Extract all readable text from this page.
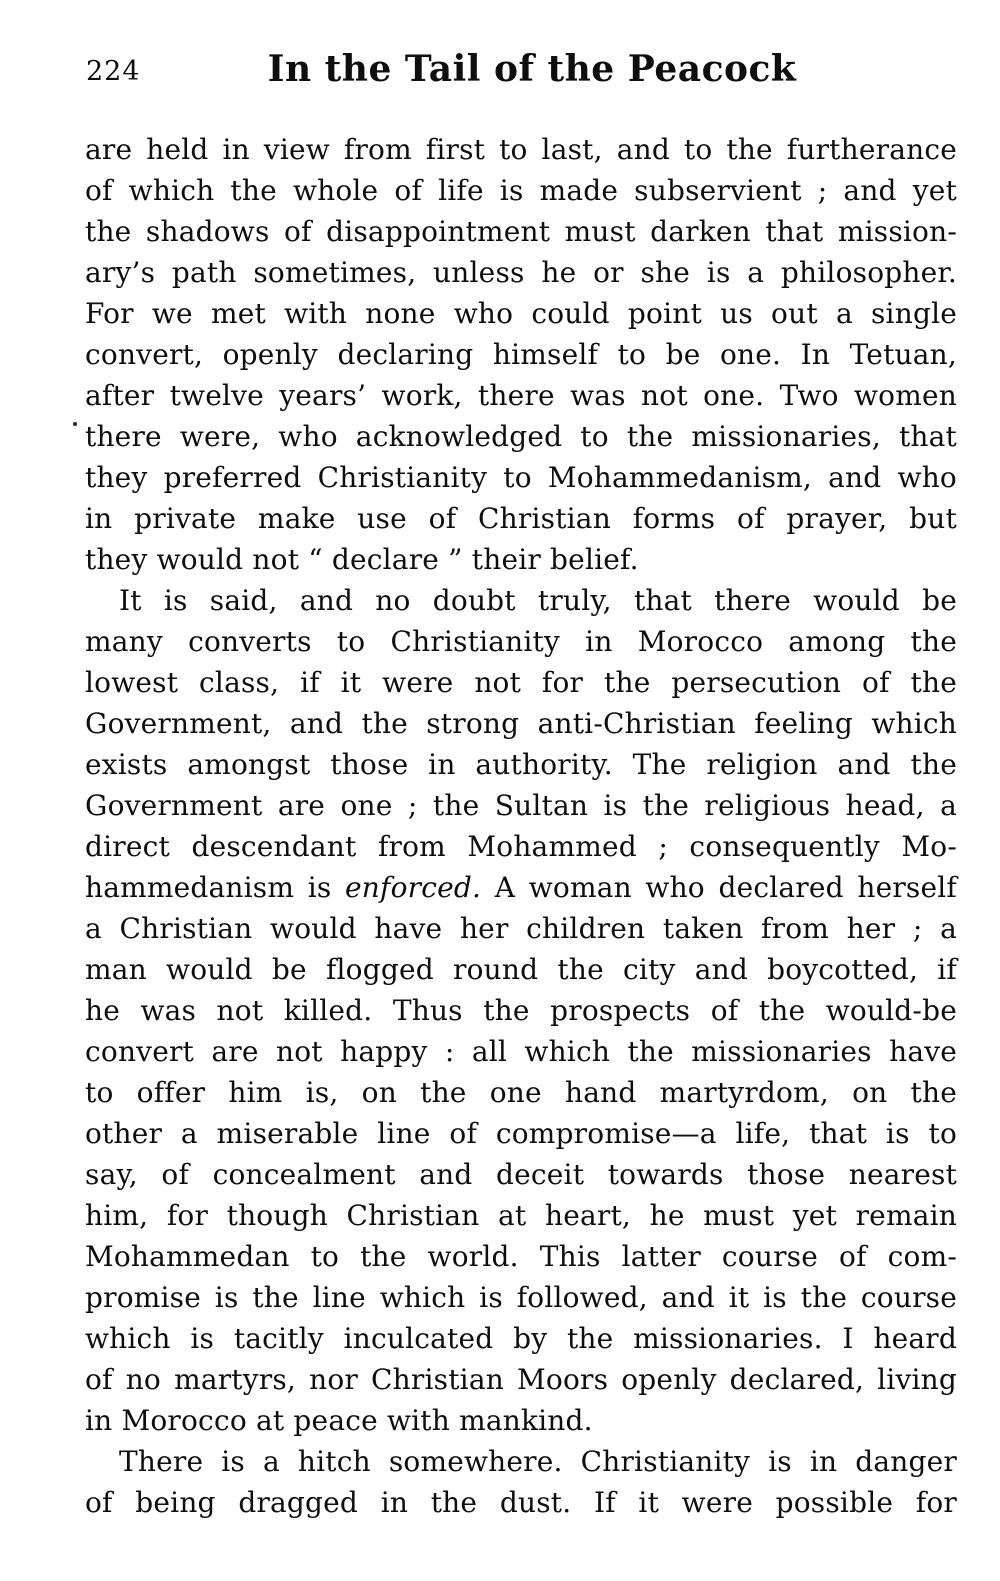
224	In the Tail of the Peacock
are held in view from first to last, and to the furtherance
of which the whole of life is made subservient ; and yet
the shadows of disappointment must darken that mission-
ary’s path sometimes, unless he or she is a philosopher.
For we met with none who could point us out a single
convert, openly declaring himself to be one. In Tetuan,
after twelve years’ work, there was not one. Two women
there were, who acknowledged to the missionaries, that
they preferred Christianity to Mohammedanism, and who
in private make use of Christian forms of prayer, but
they would not “ declare ” their belief.
It is said, and no doubt truly, that there would be
many converts to Christianity in Morocco among the
lowest class, if it were not for the persecution of the
Government, and the strong anti-Christian feeling which
exists amongst those in authority. The religion and the
Government are one ; the Sultan is the religious head, a
direct descendant from Mohammed ; consequently Mo-
hammedanism is enforced. A woman who declared herself
a Christian would have her children taken from her ; a
man would be flogged round the city and boycotted, if
he was not killed. Thus the prospects of the would-be
convert are not happy : all which the missionaries have
to offer him is, on the one hand martyrdom, on the
other a miserable line of compromise—a life, that is to
say, of concealment and deceit towards those nearest
him, for though Christian at heart, he must yet remain
Mohammedan to the world. This latter course of com-
promise is the line which is followed, and it is the course
which is tacitly inculcated by the missionaries. I heard
of no martyrs, nor Christian Moors openly declared, living
in Morocco at peace with mankind.
There is a hitch somewhere. Christianity is in danger
of being dragged in the dust. If it were possible for
